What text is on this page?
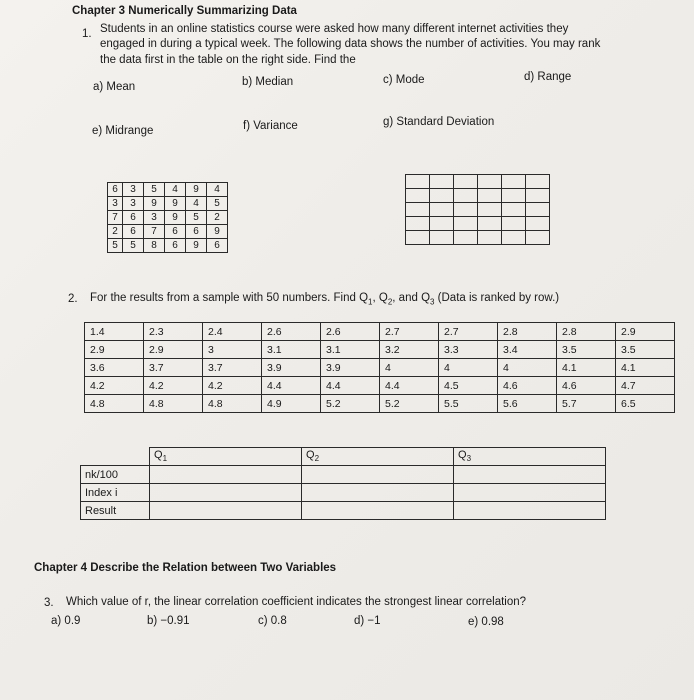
Chapter 3 Numerically Summarizing Data
1. Students in an online statistics course were asked how many different internet activities they
engaged in during a typical week. The following data shows the number of activities. You may rank
the data first in the table on the right side. Find the
a) Mean	b) Median	c) Mode	d) Range
e) Midrange	f) Variance	g) Standard Deviation
6	3	5	4	9	4
3	3	9	9	4	5
7	6	3	9	5	2
2	6	7	6	6	9
5	5	8	6	9	6

2. For the results from a sample with 50 numbers. Find $Q_1$, $Q_2$, and $Q_3$ (Data is ranked by row.)
1.4	2.3	2.4	2.6	2.6	2.7	2.7	2.8	2.8	2.9
2.9	2.9	3	3.1	3.1	3.2	3.3	3.4	3.5	3.5
3.6	3.7	3.7	3.9	3.9	4	4	4	4.1	4.1
4.2	4.2	4.2	4.4	4.4	4.4	4.5	4.6	4.6	4.7
4.8	4.8	4.8	4.9	5.2	5.2	5.5	5.6	5.7	6.5
	$Q_1$	$Q_2$	$Q_3$
nk/100			
Index i			
Result			
Chapter 4 Describe the Relation between Two Variables
3. Which value of r, the linear correlation coefficient indicates the strongest linear correlation?
a) 0.9	b) −0.91	c) 0.8	d) −1	e) 0.98
